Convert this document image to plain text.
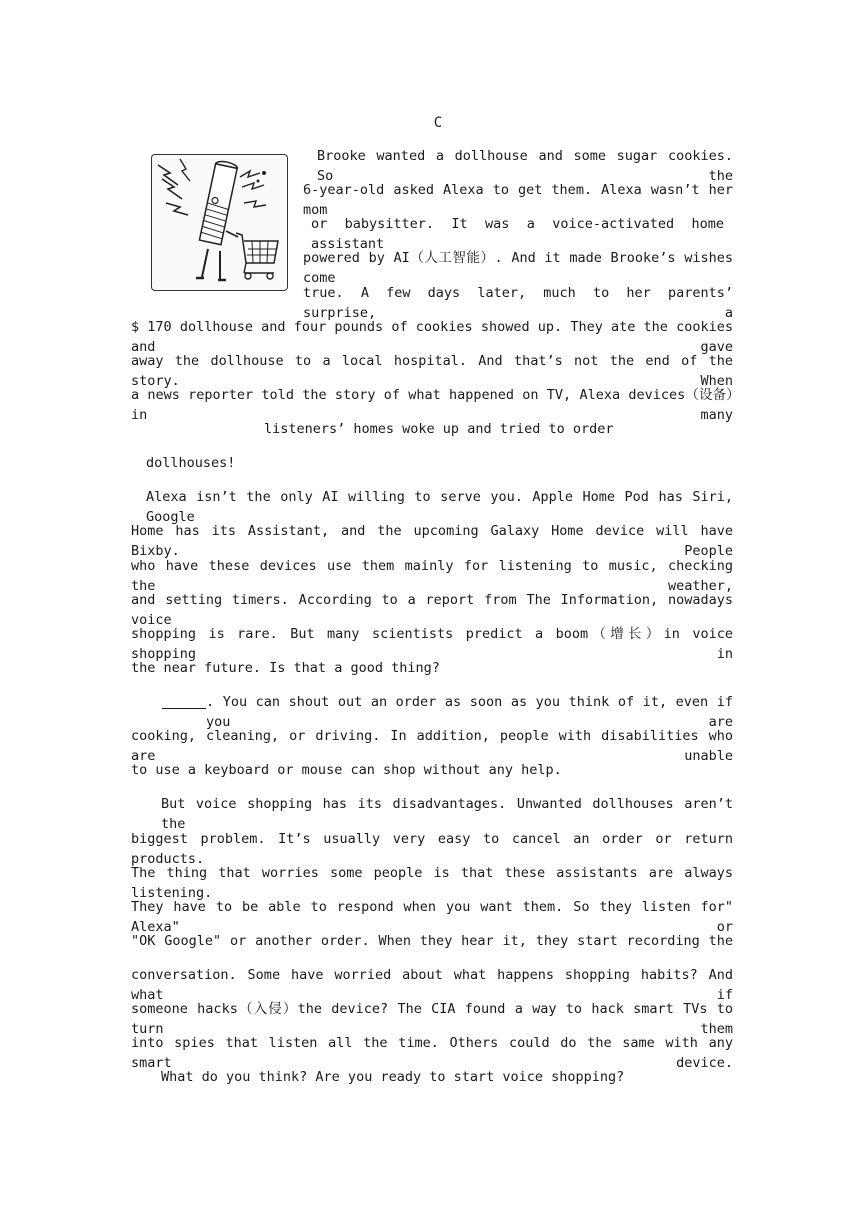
C
Brooke wanted a dollhouse and some sugar cookies. So the
6-year-old asked Alexa to get them. Alexa wasn’t her mom
or babysitter. It was a voice-activated home assistant
powered by AI（人工智能）. And it made Brooke’s wishes come
true. A few days later, much to her parents’ surprise, a
$ 170 dollhouse and four pounds of cookies showed up. They ate the cookies and gave
away the dollhouse to a local hospital. And that’s not the end of the story. When
a news reporter told the story of what happened on TV, Alexa devices（设备）in many
listeners’ homes woke up and tried to order
dollhouses!
Alexa isn’t the only AI willing to serve you. Apple Home Pod has Siri, Google
Home has its Assistant, and the upcoming Galaxy Home device will have Bixby. People
who have these devices use them mainly for listening to music, checking the weather,
and setting timers. According to a report from The Information, nowadays voice
shopping is rare. But many scientists predict a boom（增长）in voice shopping in
the near future. Is that a good thing?
. You can shout out an order as soon as you think of it, even if you are
cooking, cleaning, or driving. In addition, people with disabilities who are unable
to use a keyboard or mouse can shop without any help.
But voice shopping has its disadvantages. Unwanted dollhouses aren’t the
biggest problem. It’s usually very easy to cancel an order or return products.
The thing that worries some people is that these assistants are always listening.
They have to be able to respond when you want them. So they listen for" Alexa" or
"OK Google" or another order. When they hear it, they start recording the
conversation. Some have worried about what happens shopping habits? And what if
someone hacks（入侵）the device? The CIA found a way to hack smart TVs to turn them
into spies that listen all the time. Others could do the same with any smart device.
What do you think? Are you ready to start voice shopping?
